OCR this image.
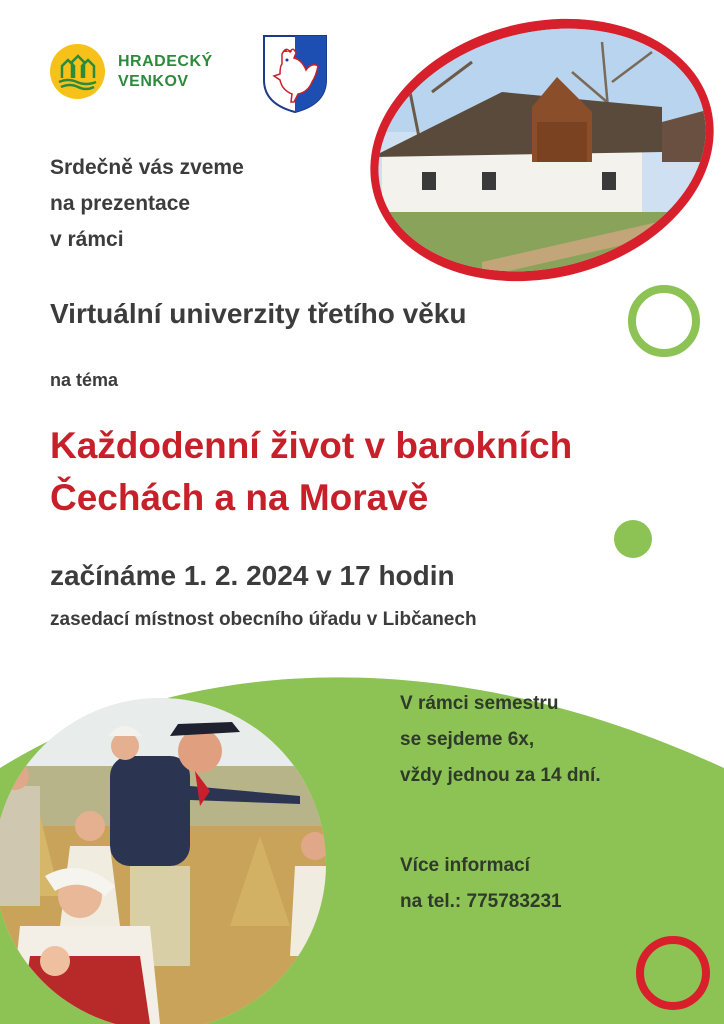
HRADECKÝ
VENKOV
Srdečně vás zveme
na prezentace
v rámci
Virtuální univerzity třetího věku
na téma
Každodenní život v barokních
Čechách a na Moravě
začínáme 1. 2. 2024 v 17 hodin
zasedací místnost obecního úřadu v Libčanech
V rámci semestru
se sejdeme 6x,
vždy jednou za 14 dní.
Více informací
na tel.: 775783231
